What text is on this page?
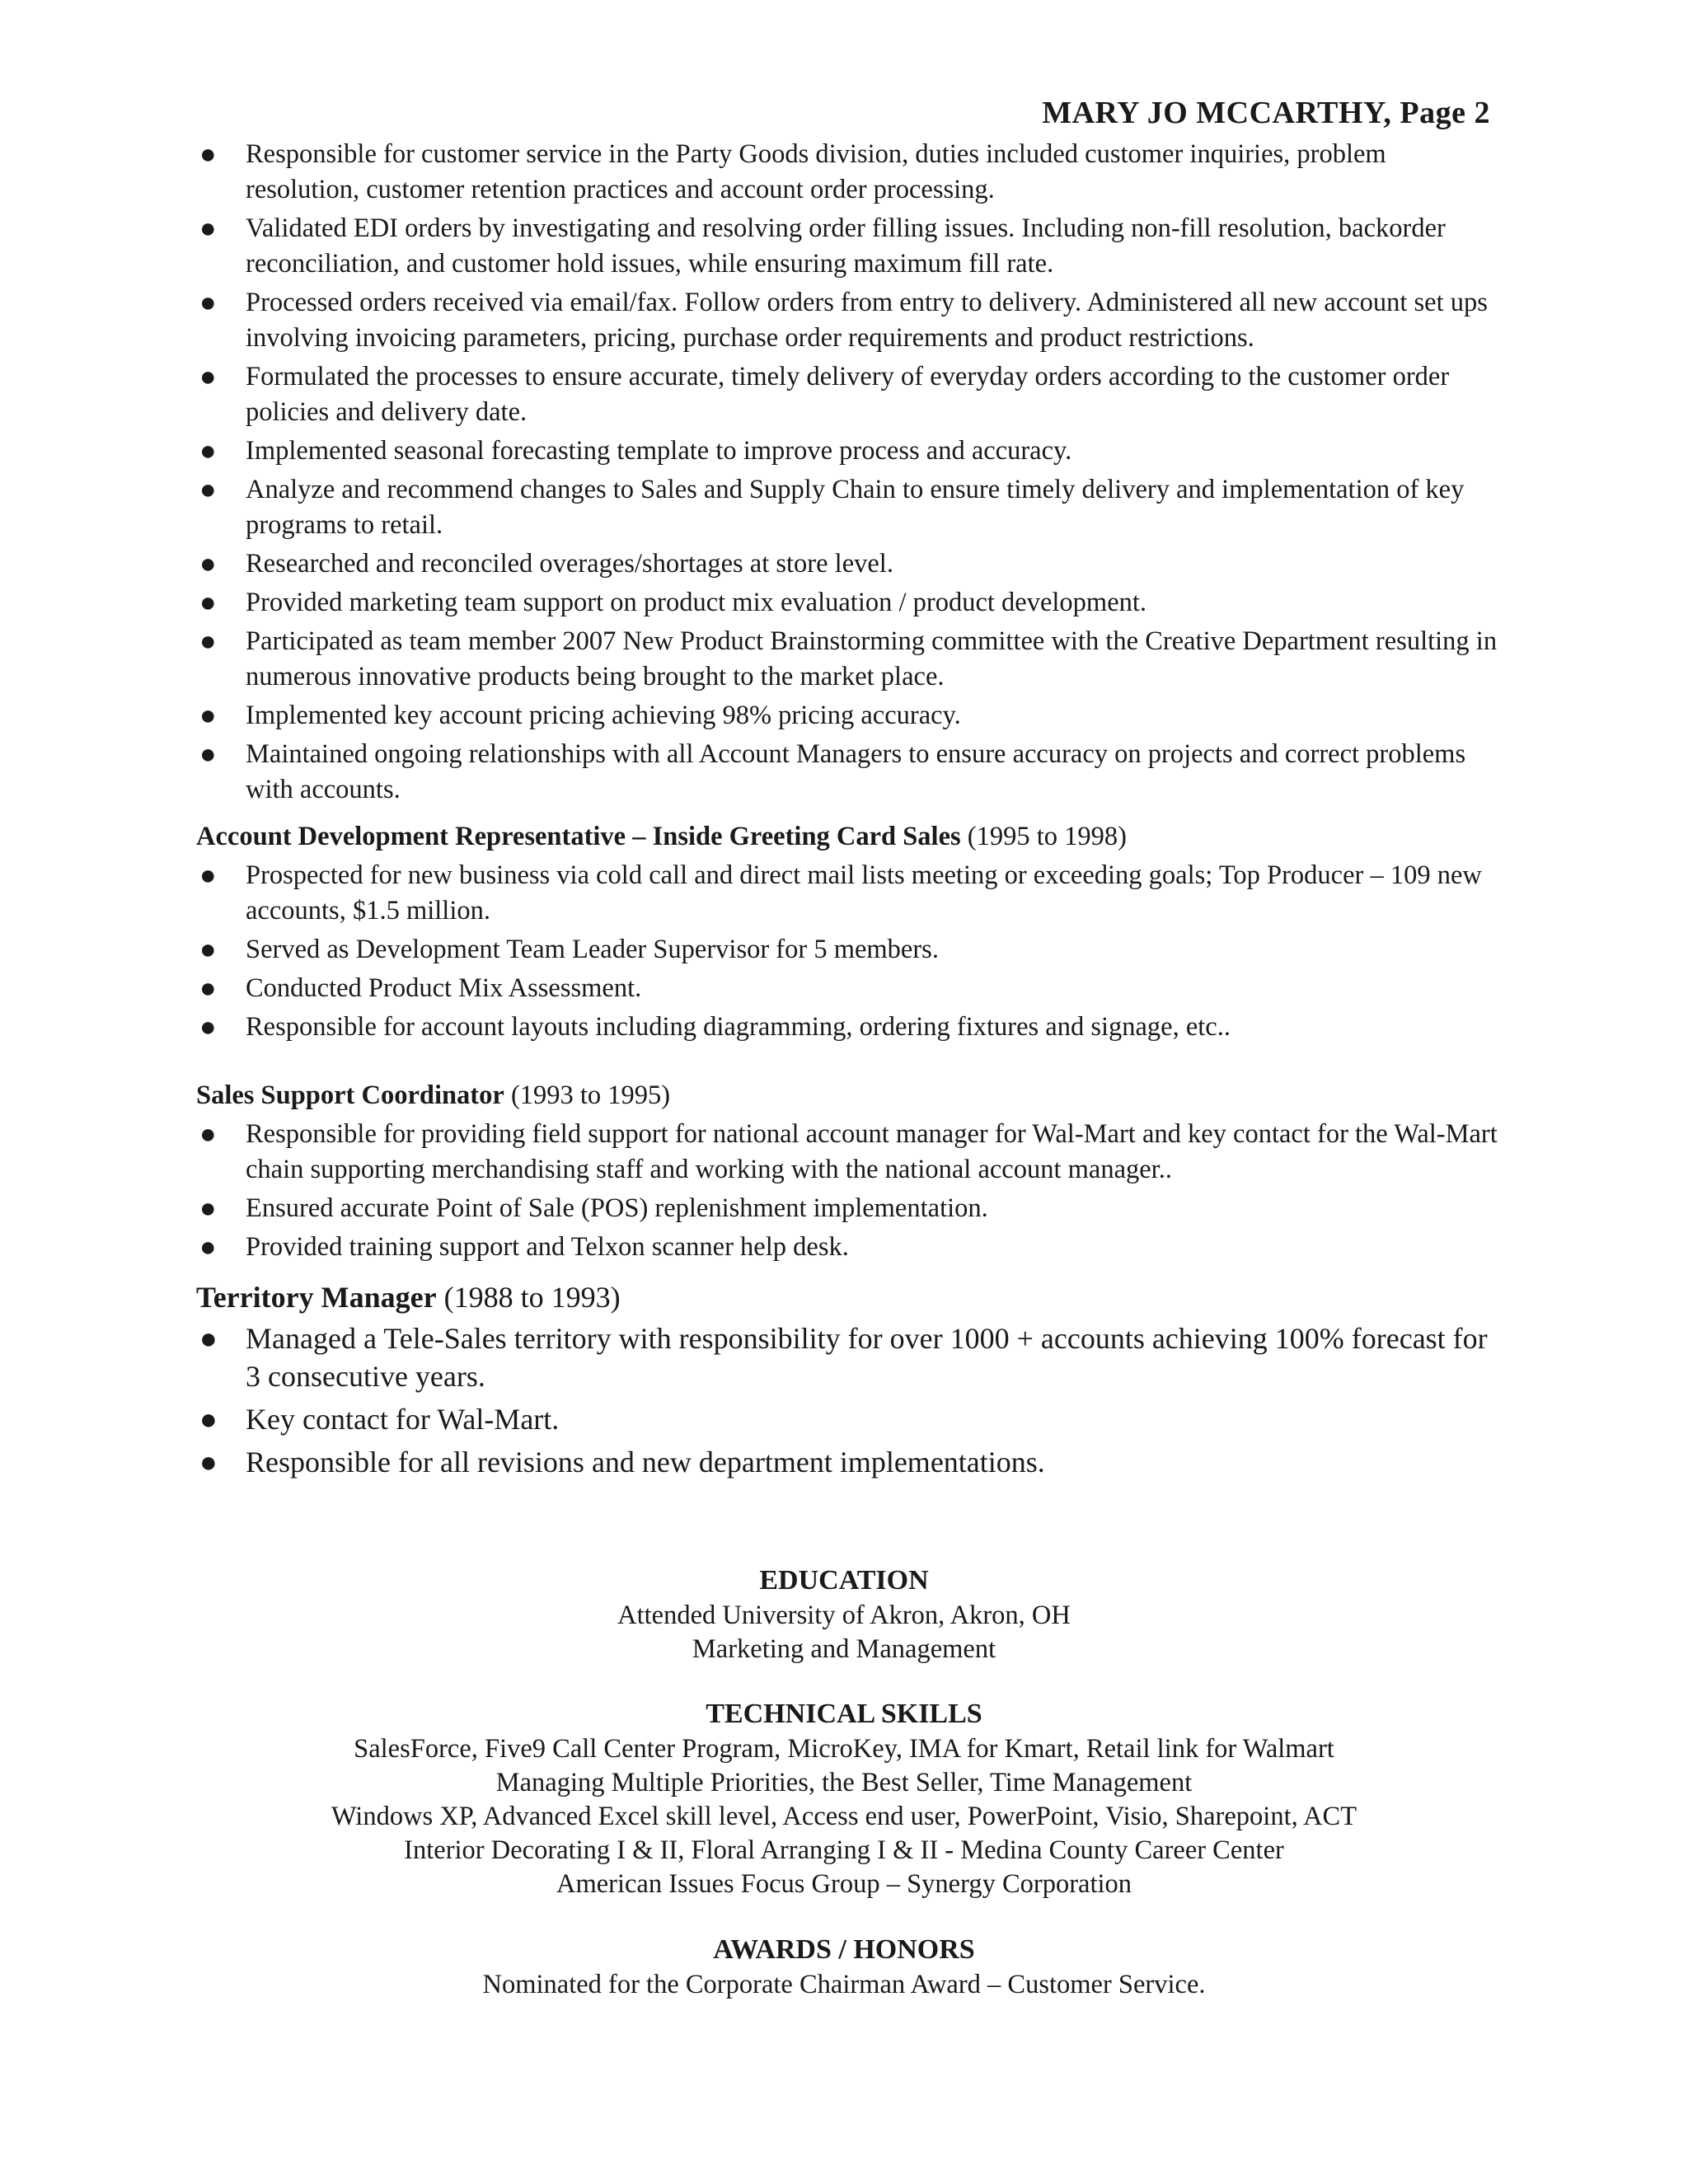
MARY JO MCCARTHY, Page 2
● Responsible for customer service in the Party Goods division, duties included customer inquiries, problem resolution, customer retention practices and account order processing.
● Validated EDI orders by investigating and resolving order filling issues. Including non-fill resolution, backorder reconciliation, and customer hold issues, while ensuring maximum fill rate.
● Processed orders received via email/fax. Follow orders from entry to delivery. Administered all new account set ups involving invoicing parameters, pricing, purchase order requirements and product restrictions.
● Formulated the processes to ensure accurate, timely delivery of everyday orders according to the customer order policies and delivery date.
● Implemented seasonal forecasting template to improve process and accuracy.
● Analyze and recommend changes to Sales and Supply Chain to ensure timely delivery and implementation of key programs to retail.
● Researched and reconciled overages/shortages at store level.
● Provided marketing team support on product mix evaluation / product development.
● Participated as team member 2007 New Product Brainstorming committee with the Creative Department resulting in numerous innovative products being brought to the market place.
● Implemented key account pricing achieving 98% pricing accuracy.
● Maintained ongoing relationships with all Account Managers to ensure accuracy on projects and correct problems with accounts.
Account Development Representative – Inside Greeting Card Sales (1995 to 1998)
● Prospected for new business via cold call and direct mail lists meeting or exceeding goals; Top Producer – 109 new accounts, $1.5 million.
● Served as Development Team Leader Supervisor for 5 members.
● Conducted Product Mix Assessment.
● Responsible for account layouts including diagramming, ordering fixtures and signage, etc..
Sales Support Coordinator (1993 to 1995)
● Responsible for providing field support for national account manager for Wal-Mart and key contact for the Wal-Mart chain supporting merchandising staff and working with the national account manager..
● Ensured accurate Point of Sale (POS) replenishment implementation.
● Provided training support and Telxon scanner help desk.
Territory Manager (1988 to 1993)
● Managed a Tele-Sales territory with responsibility for over 1000 + accounts achieving 100% forecast for 3 consecutive years.
● Key contact for Wal-Mart.
● Responsible for all revisions and new department implementations.
EDUCATION
Attended University of Akron, Akron, OH
Marketing and Management
TECHNICAL SKILLS
SalesForce, Five9 Call Center Program, MicroKey, IMA for Kmart, Retail link for Walmart
Managing Multiple Priorities, the Best Seller, Time Management
Windows XP, Advanced Excel skill level, Access end user, PowerPoint, Visio, Sharepoint, ACT
Interior Decorating I & II, Floral Arranging I & II - Medina County Career Center
American Issues Focus Group – Synergy Corporation
AWARDS / HONORS
Nominated for the Corporate Chairman Award – Customer Service.
